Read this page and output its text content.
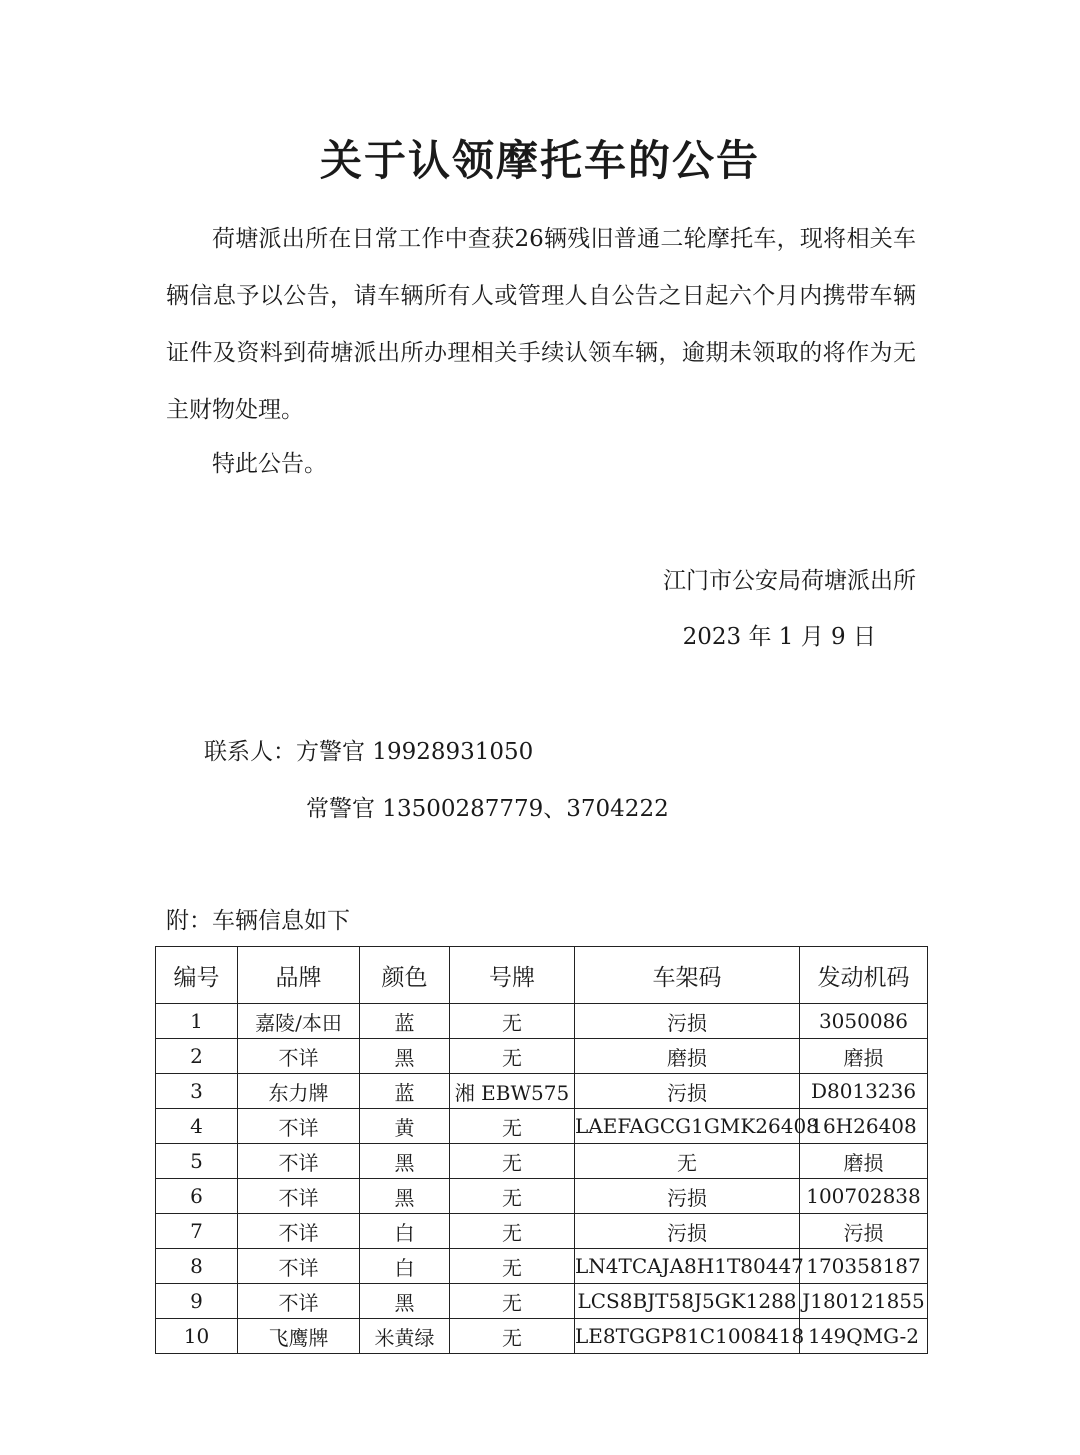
关于认领摩托车的公告

荷塘派出所在日常工作中查获26辆残旧普通二轮摩托车，现将相关车辆信息予以公告，请车辆所有人或管理人自公告之日起六个月内携带车辆证件及资料到荷塘派出所办理相关手续认领车辆，逾期未领取的将作为无主财物处理。

特此公告。

江门市公安局荷塘派出所
2023 年 1 月 9 日
联系人：方警官 19928931050
常警官 13500287779、3704222
附：车辆信息如下
编号	品牌	颜色	号牌	车架码	发动机码
1	嘉陵/本田	蓝	无	污损	3050086
2	不详	黑	无	磨损	磨损
3	东力牌	蓝	湘 EBW575	污损	D8013236
4	不详	黄	无	LAEFAGCG1GMK26408	16H26408
5	不详	黑	无	无	磨损
6	不详	黑	无	污损	100702838
7	不详	白	无	污损	污损
8	不详	白	无	LN4TCAJA8H1T80447	170358187
9	不详	黑	无	LCS8BJT58J5GK1288	J180121855
10	飞鹰牌	米黄绿	无	LE8TGGP81C1008418	149QMG-2
